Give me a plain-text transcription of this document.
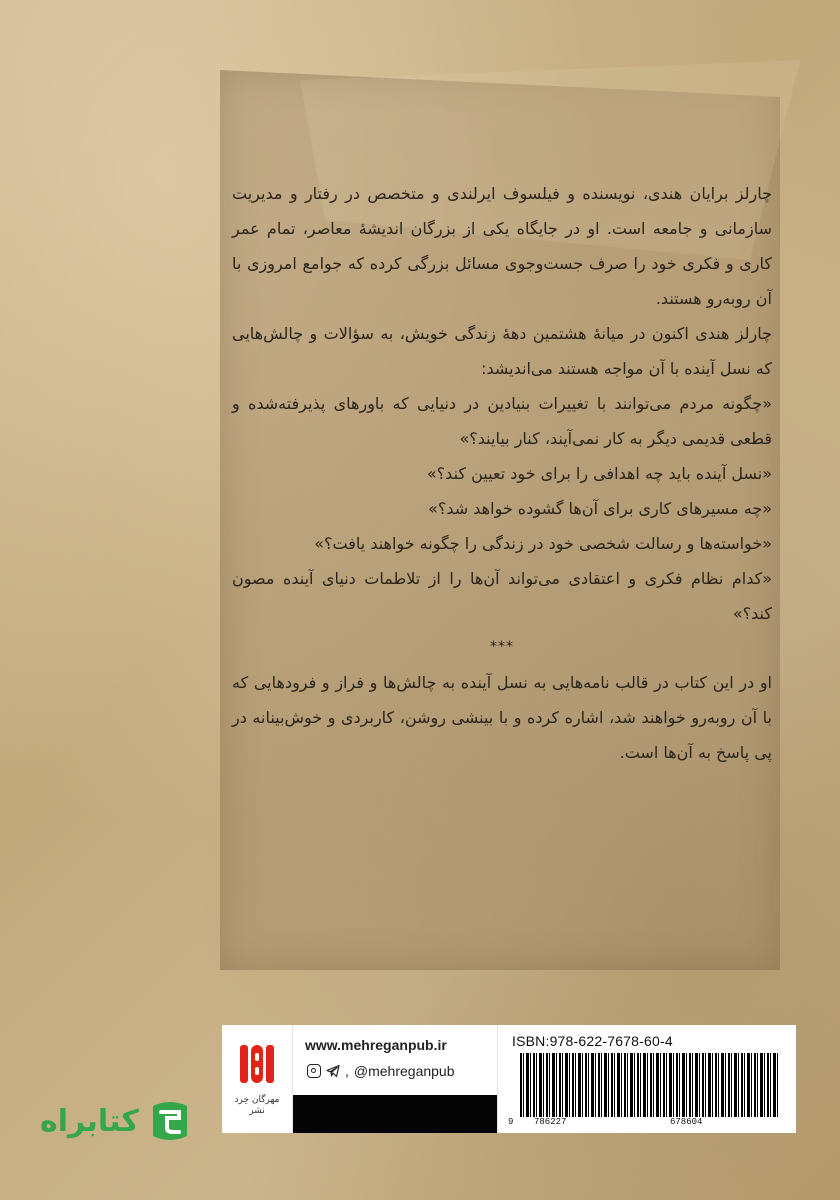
چارلز برایان هندی، نویسنده و فیلسوف ایرلندی و متخصص در رفتار و مدیریت سازمانی و جامعه است. او در جایگاه یکی از بزرگان اندیشهٔ معاصر، تمام عمر کاری و فکری خود را صرف جست‌وجوی مسائل بزرگی کرده که جوامع امروزی با آن روبه‌رو هستند.

چارلز هندی اکنون در میانهٔ هشتمین دههٔ زندگی خویش، به سؤالات و چالش‌هایی که نسل آینده با آن مواجه هستند می‌اندیشد:

«چگونه مردم می‌توانند با تغییرات بنیادین در دنیایی که باورهای پذیرفته‌شده و قطعی قدیمی دیگر به کار نمی‌آیند، کنار بیایند؟»

«نسل آینده باید چه اهدافی را برای خود تعیین کند؟»

«چه مسیرهای کاری برای آن‌ها گشوده خواهد شد؟»

«خواسته‌ها و رسالت شخصی خود در زندگی را چگونه خواهند یافت؟»

«کدام نظام فکری و اعتقادی می‌تواند آن‌ها را از تلاطمات دنیای آینده مصون کند؟»

***

او در این کتاب در قالب نامه‌هایی به نسل آینده به چالش‌ها و فراز و فرودهایی که با آن روبه‌رو خواهند شد، اشاره کرده و با بینشی روشن، کاربردی و خوش‌بینانه در پی پاسخ به آن‌ها است.

مهرگان خِرد
نشر
www.mehreganpub.ir
, @mehreganpub
ISBN:978-622-7678-60-4
9 786227	678604
کتابراه
